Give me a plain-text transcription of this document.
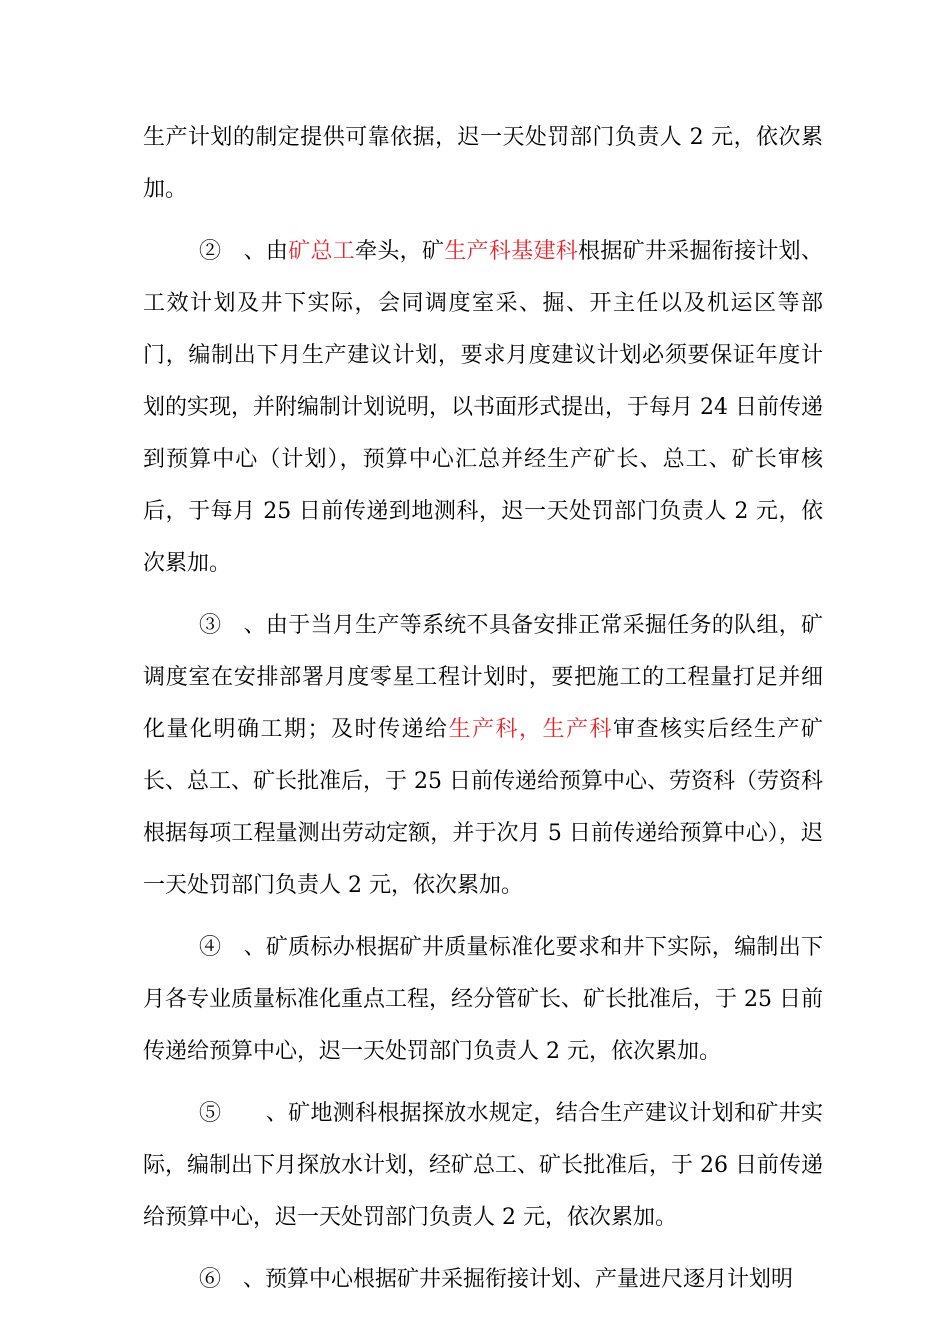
生产计划的制定提供可靠依据，迟一天处罚部门负责人 2 元，依次累加。

②　、由矿总工牵头，矿生产科基建科根据矿井采掘衔接计划、工效计划及井下实际，会同调度室采、掘、开主任以及机运区等部门，编制出下月生产建议计划，要求月度建议计划必须要保证年度计划的实现，并附编制计划说明，以书面形式提出，于每月 24 日前传递到预算中心（计划），预算中心汇总并经生产矿长、总工、矿长审核后，于每月 25 日前传递到地测科，迟一天处罚部门负责人 2 元，依次累加。

③　、由于当月生产等系统不具备安排正常采掘任务的队组，矿调度室在安排部署月度零星工程计划时，要把施工的工程量打足并细化量化明确工期；及时传递给生产科，生产科审查核实后经生产矿长、总工、矿长批准后，于 25 日前传递给预算中心、劳资科（劳资科根据每项工程量测出劳动定额，并于次月 5 日前传递给预算中心），迟一天处罚部门负责人 2 元，依次累加。

④　、矿质标办根据矿井质量标准化要求和井下实际，编制出下月各专业质量标准化重点工程，经分管矿长、矿长批准后，于 25 日前传递给预算中心，迟一天处罚部门负责人 2 元，依次累加。

⑤　　、矿地测科根据探放水规定，结合生产建议计划和矿井实际，编制出下月探放水计划，经矿总工、矿长批准后，于 26 日前传递给预算中心，迟一天处罚部门负责人 2 元，依次累加。

⑥　、预算中心根据矿井采掘衔接计划、产量进尺逐月计划明
